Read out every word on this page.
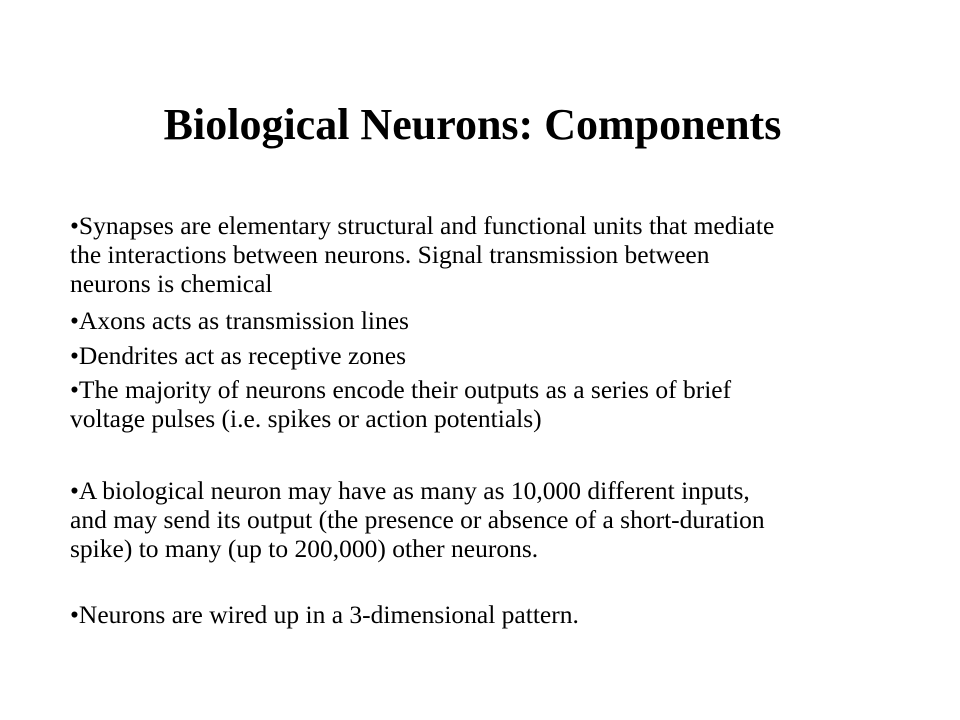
Biological Neurons: Components

•Synapses are elementary structural and functional units that mediate
the interactions between neurons. Signal transmission between
neurons is chemical

•Axons acts as transmission lines

•Dendrites act as receptive zones

•The majority of neurons encode their outputs as a series of brief
voltage pulses (i.e. spikes or action potentials)

•A biological neuron may have as many as 10,000 different inputs,
and may send its output (the presence or absence of a short-duration
spike) to many (up to 200,000) other neurons.

•Neurons are wired up in a 3-dimensional pattern.
